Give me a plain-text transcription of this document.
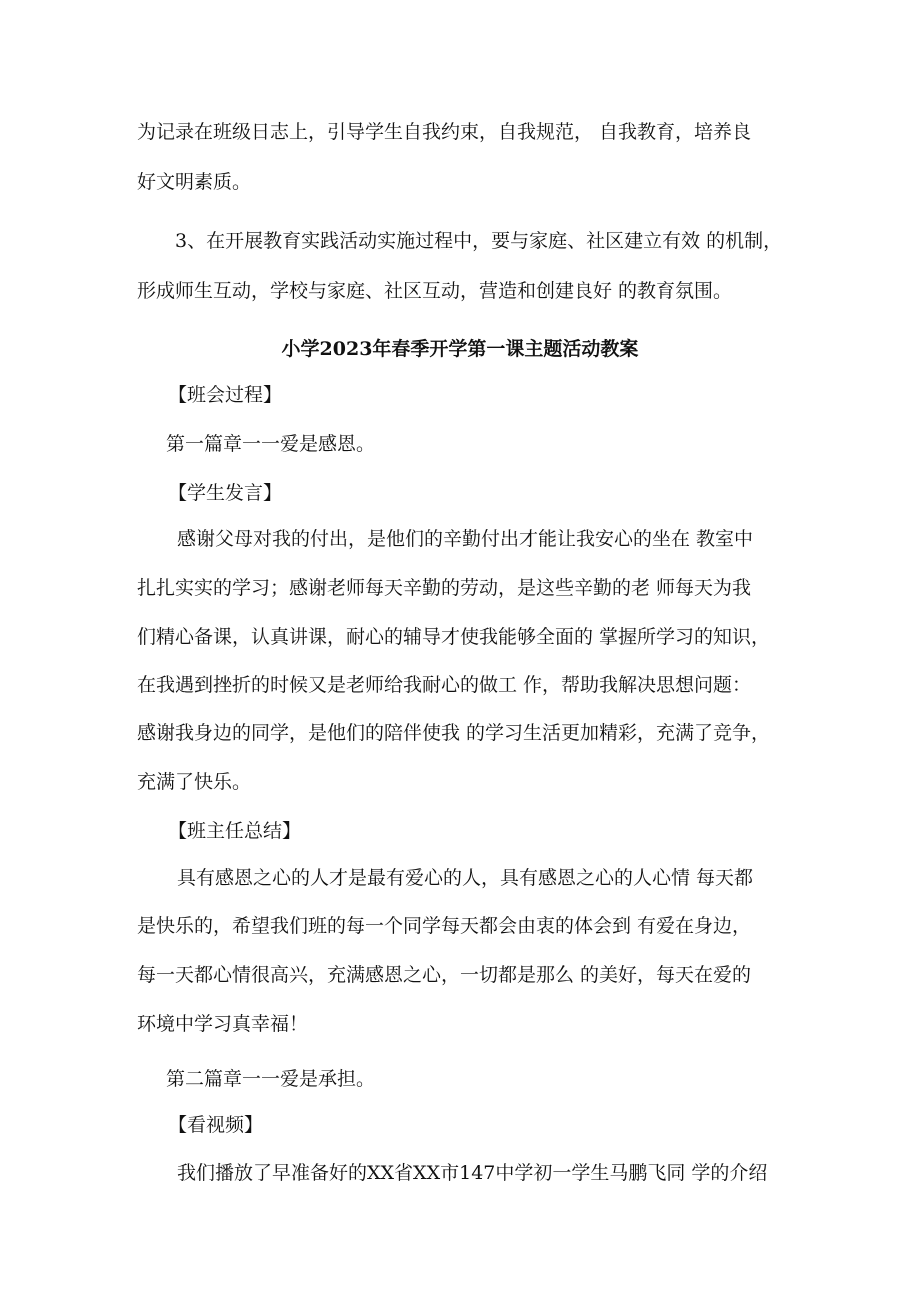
为记录在班级日志上，引导学生自我约束，自我规范， 自我教育，培养良
好文明素质。
3、在开展教育实践活动实施过程中，要与家庭、社区建立有效 的机制，
形成师生互动，学校与家庭、社区互动，营造和创建良好 的教育氛围。
小学2023年春季开学第一课主题活动教案
【班会过程】
第一篇章一一爱是感恩。
【学生发言】
感谢父母对我的付出，是他们的辛勤付出才能让我安心的坐在 教室中
扎扎实实的学习；感谢老师每天辛勤的劳动，是这些辛勤的老 师每天为我
们精心备课，认真讲课，耐心的辅导才使我能够全面的 掌握所学习的知识，
在我遇到挫折的时候又是老师给我耐心的做工 作，帮助我解决思想问题：
感谢我身边的同学，是他们的陪伴使我 的学习生活更加精彩，充满了竞争，
充满了快乐。
【班主任总结】
具有感恩之心的人才是最有爱心的人，具有感恩之心的人心情 每天都
是快乐的，希望我们班的每一个同学每天都会由衷的体会到 有爱在身边，
每一天都心情很高兴，充满感恩之心，一切都是那么 的美好，每天在爱的
环境中学习真幸福！
第二篇章一一爱是承担。
【看视频】
我们播放了早准备好的XX省XX市147中学初一学生马鹏飞同 学的介绍
